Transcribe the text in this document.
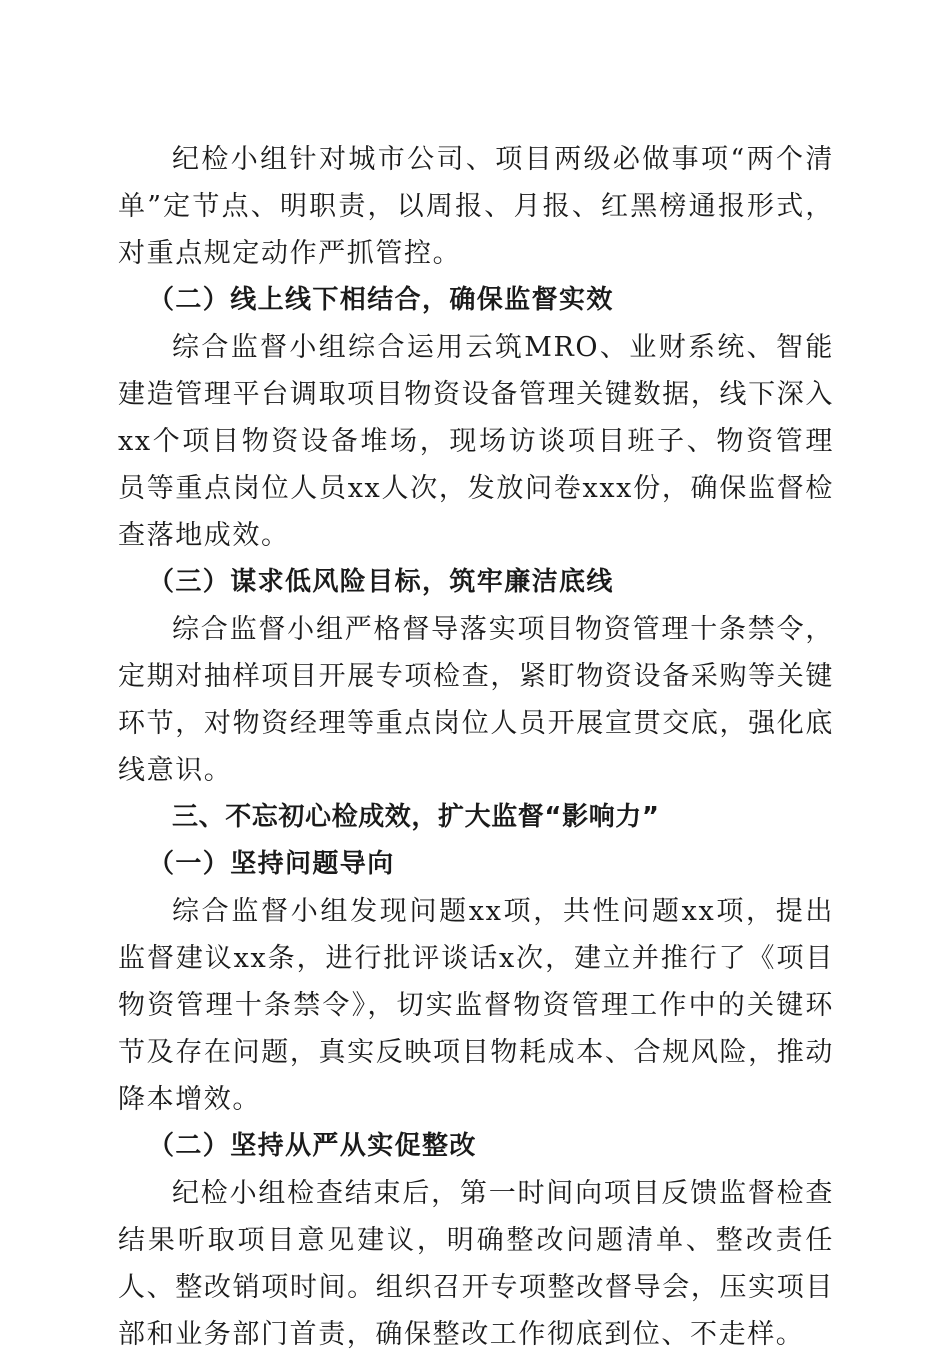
纪检小组针对城市公司、项目两级必做事项“两个清单”定节点、明职责，以周报、月报、红黑榜通报形式，对重点规定动作严抓管控。

（二）线上线下相结合，确保监督实效

综合监督小组综合运用云筑MRO、业财系统、智能建造管理平台调取项目物资设备管理关键数据，线下深入xx个项目物资设备堆场，现场访谈项目班子、物资管理员等重点岗位人员xx人次，发放问卷xxx份，确保监督检查落地成效。

（三）谋求低风险目标，筑牢廉洁底线

综合监督小组严格督导落实项目物资管理十条禁令，定期对抽样项目开展专项检查，紧盯物资设备采购等关键环节，对物资经理等重点岗位人员开展宣贯交底，强化底线意识。

三、不忘初心检成效，扩大监督“影响力”

（一）坚持问题导向

综合监督小组发现问题xx项，共性问题xx项，提出监督建议xx条，进行批评谈话x次，建立并推行了《项目物资管理十条禁令》，切实监督物资管理工作中的关键环节及存在问题，真实反映项目物耗成本、合规风险，推动降本增效。

（二）坚持从严从实促整改

纪检小组检查结束后，第一时间向项目反馈监督检查结果听取项目意见建议，明确整改问题清单、整改责任人、整改销项时间。组织召开专项整改督导会，压实项目部和业务部门首责，确保整改工作彻底到位、不走样。
